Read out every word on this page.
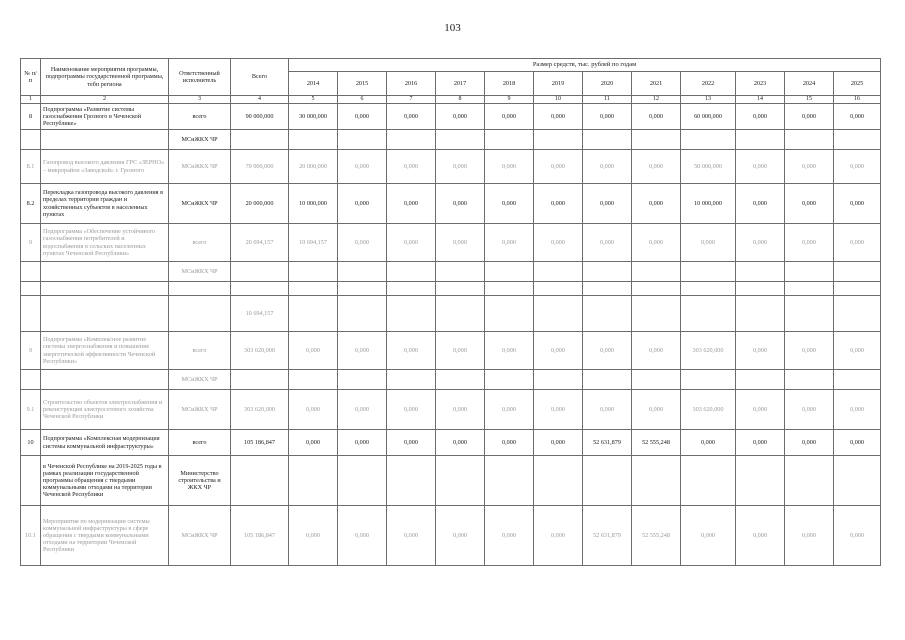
103
№ п/п	Наименование мероприятия программы, подпрограммы государственной программы, тебп региона	Ответственный исполнитель	Всего	Размер средств, тыс. рублей по годам											
				2014	2015	2016	2017	2018	2019	2020	2021	2022	2023	2024	2025
1	2	3	4	5	6	7	8	9	10	11	12	13	14	15	16
8	Подпрограмма «Развитие системы газоснабжения Грозного в Чеченской Республике»	всего	90 000,000	30 000,000	0,000	0,000	0,000	0,000	0,000	0,000	0,000	60 000,000	0,000	0,000	0,000
		МСиЖКХ ЧР													
8.1	Газопровод высокого давления ГРС «ЗЕРНО» – микрорайон «Заводской» г. Грозного	МСиЖКХ ЧР	70 000,000	20 000,000	0,000	0,000	0,000	0,000	0,000	0,000	0,000	50 000,000	0,000	0,000	0,000
8.2	Перекладка газопровода высокого давления в пределах территории граждан и хозяйственных субъектов в населенных пунктах	МСиЖКХ ЧР	20 000,000	10 000,000	0,000	0,000	0,000	0,000	0,000	0,000	0,000	10 000,000	0,000	0,000	0,000
9	Подпрограмма «Обеспечение устойчивого газоснабжения потребителей и водоснабжения в сельских населенных пунктах Чеченской Республики»	всего	20 694,157	10 694,157	0,000	0,000	0,000	0,000	0,000	0,000	0,000	0,000	0,000	0,000	0,000
		МСиЖКХ ЧР													

			10 694,157												
9	Подпрограмма «Комплексное развитие системы энергоснабжения и повышение энергетической эффективности Чеченской Республики»	всего	303 620,000	0,000	0,000	0,000	0,000	0,000	0,000	0,000	0,000	303 620,000	0,000	0,000	0,000
		МСиЖКХ ЧР													
9.1	Строительство объектов электроснабжения и реконструкция электросетевого хозяйства Чеченской Республики	МСиЖКХ ЧР	303 620,000	0,000	0,000	0,000	0,000	0,000	0,000	0,000	0,000	303 620,000	0,000	0,000	0,000
10	Подпрограмма «Комплексная модернизация системы коммунальной инфраструктуры»	всего	105 186,847	0,000	0,000	0,000	0,000	0,000	0,000	52 631,879	52 555,248	0,000	0,000	0,000	0,000
	в Чеченской Республике на 2019-2025 годы в рамках реализации государственной программы обращения с твердыми коммунальными отходами на территории Чеченской Республики	Министерство строительства и ЖКХ ЧР													
10.1	Мероприятия по модернизации системы коммунальной инфраструктуры в сфере обращения с твердыми коммунальными отходами на территории Чеченской Республики	МСиЖКХ ЧР	105 186,847	0,000	0,000	0,000	0,000	0,000	0,000	52 631,879	52 555,248	0,000	0,000	0,000	0,000
